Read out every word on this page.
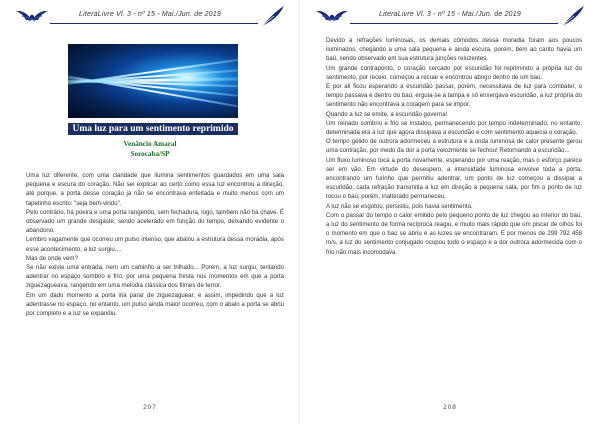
LiteraLivre Vl. 3 - nº 15 - Mai./Jun. de 2019
Uma luz para um sentimento reprimido
Venâncio Amaral
Sorocaba/SP

Uma luz diferente, com uma claridade que ilumina sentimentos guardados em uma sala pequena e escura do coração. Não sei explicar ao certo como essa luz encontrou a direção, até porque, a porta desse coração já não se encontrava enfeitada e muito menos com um tapetinho escrito: "seja bem-vindo".

Pelo contrário, há poeira e uma porta rangendo, sem fechadura, logo, também não há chave. É observado um grande desgaste, sendo acelerado em função do tempo, deixando evidente o abandono.

Lembro vagamente que ocorreu um pulso intenso, que abalou a estrutura dessa moradia, após esse acontecimento, a luz surgiu....

Mas de onde vem?

Se não existe uma entrada, nem um caminho a ser trilhado... Porém, a luz surgiu, tentando adentrar no espaço sombrio e frio, por uma pequena fresta nos momentos em que a porta ziguezagueava, rangendo em uma melodia clássica dos filmes de terror.

Em um dado momento a porta iria parar de ziguezaguear, e assim, impedindo que a luz adentrasse no espaço, no entanto, um pulso ainda maior ocorreu, com o abalo a porta se abriu por completo e a luz se expandiu.

207
LiteraLivre Vl. 3 - nº 15 - Mai./Jun. de 2019

Devido a refrações luminosas, os demais cômodos dessa moradia foram aos poucos iluminados, chegando a uma sala pequena e ainda escura, porém, bem ao canto havia um baú, sendo observado em sua estrutura junções reluzentes.

Um grande contraponto, o coração cercado por escuridão foi reprimindo a própria luz do sentimento, por receio, começou a recuar e encontrou abrigo dentro de um baú.

E por ali ficou esperando a escuridão passar, porém, necessitava de luz para combater, o tempo passava e dentro do baú, erguia-se a tampa e só enxergava escuridão, a luz própria do sentimento não encontrava a coragem para se impor.

Quando a luz se emite, a escuridão governa!

Um reinado sombrio e frio se instalou, permanecendo por tempo indeterminado, no entanto, determinada era a luz que agora dissipava a escuridão e com sentimento aquecia o coração.

O tempo gélido de outrora adormeceu a estrutura e a onda luminosa de calor presente gerou uma contração, por medo da dor a porta velozmente se fechou! Retornando a escuridão...

Um fluxo luminoso tocá a porta novamente, esperando por uma reação, mas o esforço parece ser em vão. Em virtude do desespero, a intensidade luminosa envolve toda a porta, encontrando um furinho que permitiu adentrar, um ponto de luz começou a dissipar a escuridão, cada refração transmitia a luz em direção a pequena sala, por fim o ponto de luz tocou o baú, porém, inalterado permaneceu.

A luz não se esgotou, persistiu, pois havia sentimento.

Com o passar do tempo o calor emitido pelo pequeno ponto de luz chegou ao interior do baú, a luz do sentimento de forma recíproca reagiu, e muito mais rápido que um piscar de olhos foi o momento em que o baú se abriu e as luzes se encontraram. E por menos de 299 792 458 m/s, a luz do sentimento conjugado ocupou todo o espaço e a dor outrora adormecida com o frio não mais incomodava.

208
